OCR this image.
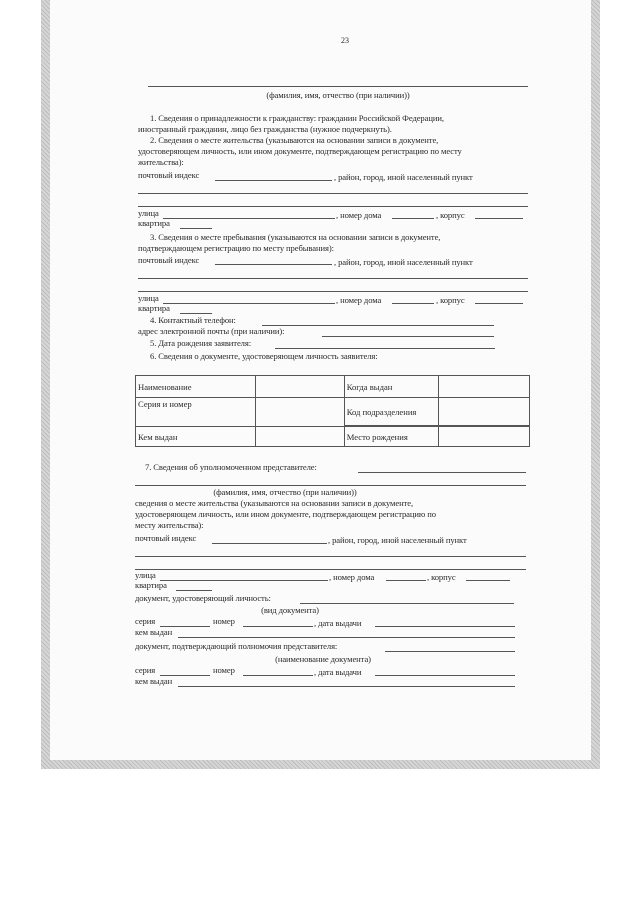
23
(фамилия, имя, отчество (при наличии))
1. Сведения о принадлежности к гражданству: гражданин Российской Федерации,
иностранный гражданин, лицо без гражданства (нужное подчеркнуть).
2. Сведения о месте жительства (указываются на основании записи в документе,
удостоверяющем личность, или ином документе, подтверждающем регистрацию по месту
жительства):
почтовый индекс	, район, город, иной населенный пункт
улица	, номер дома	, корпус
квартира
3. Сведения о месте пребывания (указываются на основании записи в документе,
подтверждающем регистрацию по месту пребывания):
почтовый индекс	, район, город, иной населенный пункт
улица	, номер дома	, корпус
квартира
4. Контактный телефон:
адрес электронной почты (при наличии):
5. Дата рождения заявителя:
6. Сведения о документе, удостоверяющем личность заявителя:
Наименование		Когда выдан	
Серия и номер		Код подразделения	

Кем выдан		Место рождения	
7. Сведения об уполномоченном представителе:
(фамилия, имя, отчество (при наличии))
сведения о месте жительства (указываются на основании записи в документе,
удостоверяющем личность, или ином документе, подтверждающем регистрацию по
месту жительства):
почтовый индекс	, район, город, иной населенный пункт
улица	, номер дома	, корпус
квартира
документ, удостоверяющий личность:
(вид документа)
серия	номер	, дата выдачи
кем выдан
документ, подтверждающий полномочия представителя:
(наименование документа)
серия	номер	, дата выдачи
кем выдан
